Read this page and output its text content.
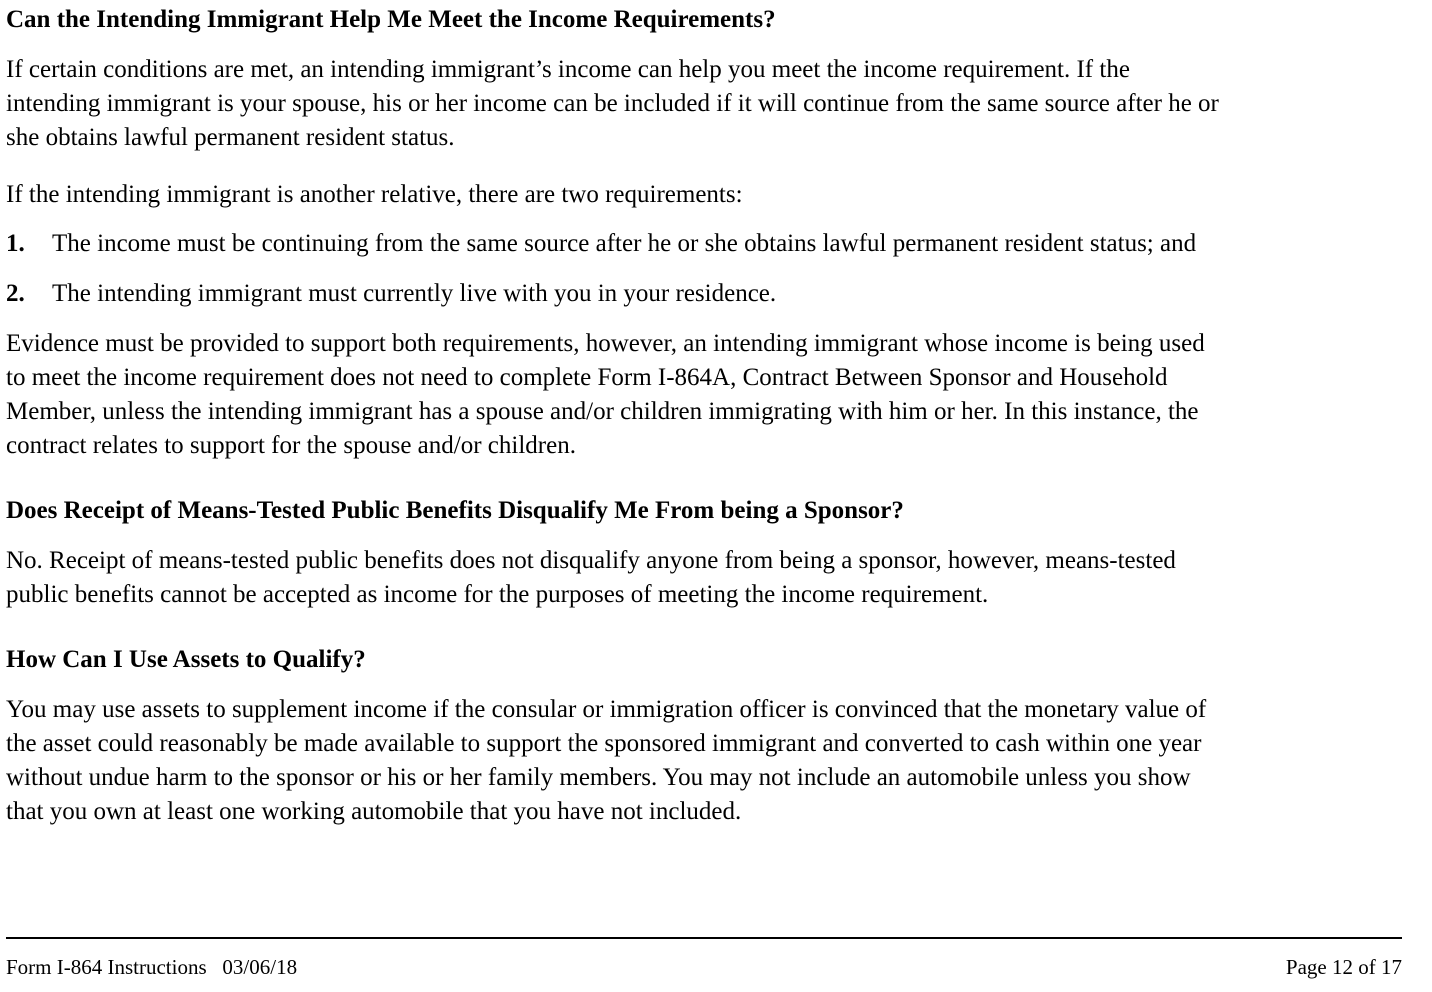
Can the Intending Immigrant Help Me Meet the Income Requirements?
If certain conditions are met, an intending immigrant’s income can help you meet the income requirement. If the
intending immigrant is your spouse, his or her income can be included if it will continue from the same source after he or
she obtains lawful permanent resident status.
If the intending immigrant is another relative, there are two requirements:
1. The income must be continuing from the same source after he or she obtains lawful permanent resident status; and
2. The intending immigrant must currently live with you in your residence.
Evidence must be provided to support both requirements, however, an intending immigrant whose income is being used
to meet the income requirement does not need to complete Form I-864A, Contract Between Sponsor and Household
Member, unless the intending immigrant has a spouse and/or children immigrating with him or her. In this instance, the
contract relates to support for the spouse and/or children.
Does Receipt of Means-Tested Public Benefits Disqualify Me From being a Sponsor?
No. Receipt of means-tested public benefits does not disqualify anyone from being a sponsor, however, means-tested
public benefits cannot be accepted as income for the purposes of meeting the income requirement.
How Can I Use Assets to Qualify?
You may use assets to supplement income if the consular or immigration officer is convinced that the monetary value of
the asset could reasonably be made available to support the sponsored immigrant and converted to cash within one year
without undue harm to the sponsor or his or her family members. You may not include an automobile unless you show
that you own at least one working automobile that you have not included.
Form I-864 Instructions   03/06/18	Page 12 of 17
